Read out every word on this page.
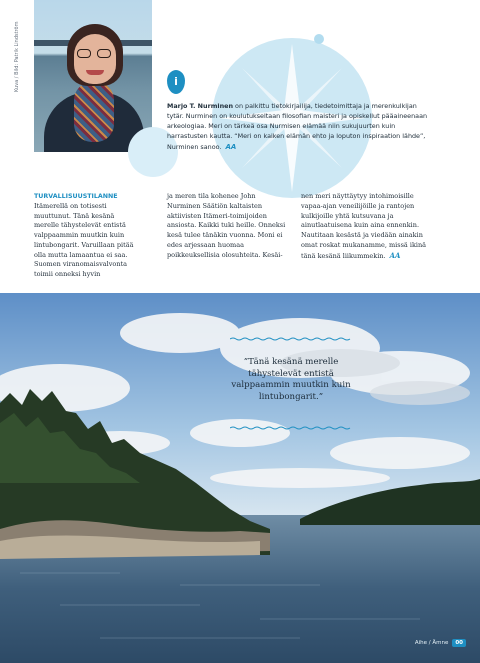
Kuva / Bild: Patrik Lindström	i

Marjo T. Nurminen on palkittu tietokirjailija, tiedetoimittaja ja merenkulkijan tytär. Nurminen on koulutukseltaan filosofian maisteri ja opiskellut pääaineenaan arkeologiaa. Meri on tärkeä osa Nurmisen elämää niin sukujuurten kuin harrastusten kautta. “Meri on kaiken elämän ehto ja loputon inspiraation lähde”, Nurminen sanoo. AA

TURVALLISUUSTILANNE Itämerellä on totisesti muuttunut. Tänä kesänä merelle tähystelevät entistä valppaammin muutkin kuin lintubongarit. Varuillaan pitää olla mutta lamaantua ei saa. Suomen viranomaisvalvonta toimii onneksi hyvin

ja meren tila kohenee John Nurminen Säätiön kaltaisten aktiivisten Itämeri-toimijoiden ansiosta. Kaikki tuki heille. Onneksi kesä tulee tänäkin vuonna. Moni ei edes arjessaan huomaa poikkeuksellisia olosuhteita. Kesäi-

nen meri näyttäytyy intohimoisille vapaa-ajan veneilijöille ja rantojen kulkijoille yhtä kutsuvana ja ainutlaatuisena kuin aina ennenkin. Nautitaan kesästä ja viedään ainakin omat roskat mukanamme, missä ikinä tänä kesänä liikummekin. AA

”Tänä kesänä merelle tähystelevät entistä valppaammin muutkin kuin lintubongarit.”

Aihe / Ämne 00
